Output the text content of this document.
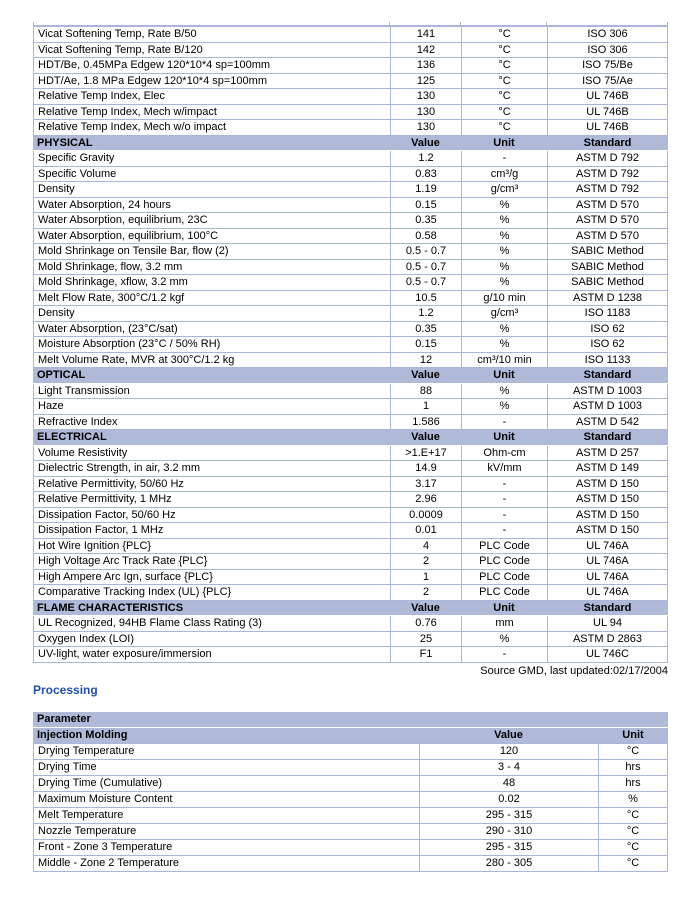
Vicat Softening Temp, Rate B/50	141	°C	ISO 306
Vicat Softening Temp, Rate B/120	142	°C	ISO 306
HDT/Be, 0.45MPa Edgew 120*10*4 sp=100mm	136	°C	ISO 75/Be
HDT/Ae, 1.8 MPa Edgew 120*10*4 sp=100mm	125	°C	ISO 75/Ae
Relative Temp Index, Elec	130	°C	UL 746B
Relative Temp Index, Mech w/impact	130	°C	UL 746B
Relative Temp Index, Mech w/o impact	130	°C	UL 746B
PHYSICAL	Value	Unit	Standard
Specific Gravity	1.2	-	ASTM D 792
Specific Volume	0.83	cm³/g	ASTM D 792
Density	1.19	g/cm³	ASTM D 792
Water Absorption, 24 hours	0.15	%	ASTM D 570
Water Absorption, equilibrium, 23C	0.35	%	ASTM D 570
Water Absorption, equilibrium, 100°C	0.58	%	ASTM D 570
Mold Shrinkage on Tensile Bar, flow (2)	0.5 - 0.7	%	SABIC Method
Mold Shrinkage, flow, 3.2 mm	0.5 - 0.7	%	SABIC Method
Mold Shrinkage, xflow, 3.2 mm	0.5 - 0.7	%	SABIC Method
Melt Flow Rate, 300°C/1.2 kgf	10.5	g/10 min	ASTM D 1238
Density	1.2	g/cm³	ISO 1183
Water Absorption, (23°C/sat)	0.35	%	ISO 62
Moisture Absorption (23°C / 50% RH)	0.15	%	ISO 62
Melt Volume Rate, MVR at 300°C/1.2 kg	12	cm³/10 min	ISO 1133
OPTICAL	Value	Unit	Standard
Light Transmission	88	%	ASTM D 1003
Haze	1	%	ASTM D 1003
Refractive Index	1.586	-	ASTM D 542
ELECTRICAL	Value	Unit	Standard
Volume Resistivity	>1.E+17	Ohm-cm	ASTM D 257
Dielectric Strength, in air, 3.2 mm	14.9	kV/mm	ASTM D 149
Relative Permittivity, 50/60 Hz	3.17	-	ASTM D 150
Relative Permittivity, 1 MHz	2.96	-	ASTM D 150
Dissipation Factor, 50/60 Hz	0.0009	-	ASTM D 150
Dissipation Factor, 1 MHz	0.01	-	ASTM D 150
Hot Wire Ignition {PLC}	4	PLC Code	UL 746A
High Voltage Arc Track Rate {PLC}	2	PLC Code	UL 746A
High Ampere Arc Ign, surface {PLC}	1	PLC Code	UL 746A
Comparative Tracking Index (UL) {PLC}	2	PLC Code	UL 746A
FLAME CHARACTERISTICS	Value	Unit	Standard
UL Recognized, 94HB Flame Class Rating (3)	0.76	mm	UL 94
Oxygen Index (LOI)	25	%	ASTM D 2863
UV-light, water exposure/immersion	F1	-	UL 746C
Source GMD, last updated:02/17/2004
Processing
Parameter
Injection Molding	Value	Unit
Drying Temperature	120	°C
Drying Time	3 - 4	hrs
Drying Time (Cumulative)	48	hrs
Maximum Moisture Content	0.02	%
Melt Temperature	295 - 315	°C
Nozzle Temperature	290 - 310	°C
Front - Zone 3 Temperature	295 - 315	°C
Middle - Zone 2 Temperature	280 - 305	°C
